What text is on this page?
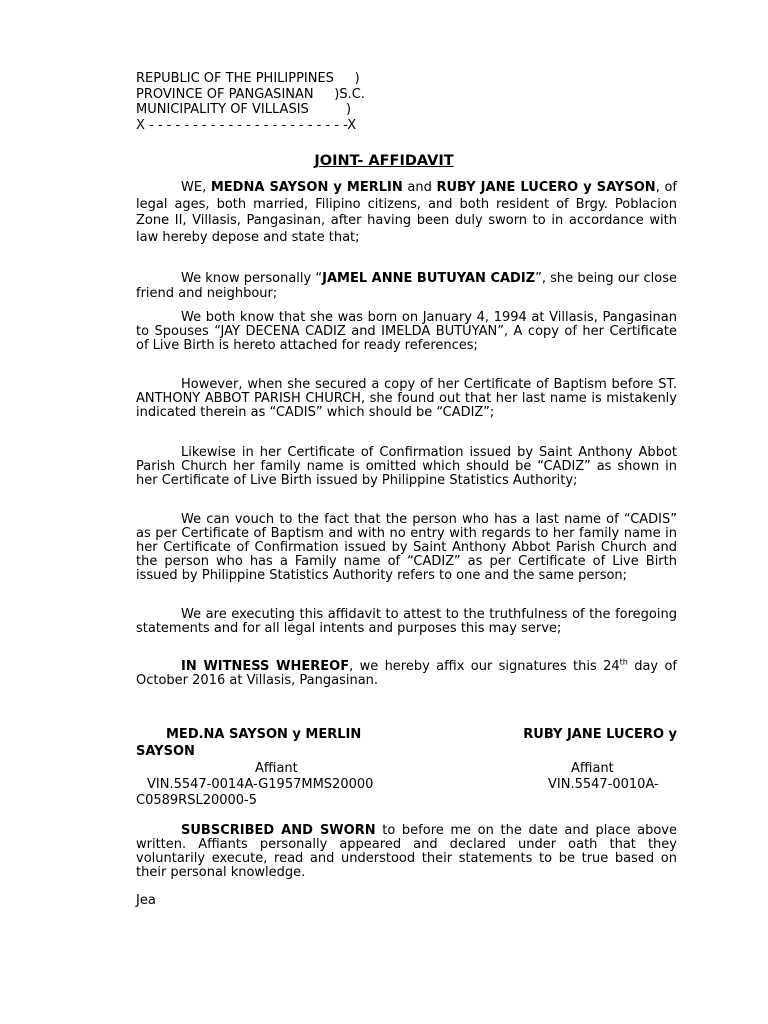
REPUBLIC OF THE PHILIPPINES     )
PROVINCE OF PANGASINAN     )S.C.
MUNICIPALITY OF VILLASIS         )
X - - - - - - - - - - - - - - - - - - - - - - -X
JOINT- AFFIDAVIT
WE, MEDNA SAYSON y MERLIN and RUBY JANE LUCERO y SAYSON, of legal ages, both married, Filipino citizens, and both resident of Brgy. Poblacion Zone II, Villasis, Pangasinan, after having been duly sworn to in accordance with law hereby depose and state that;
We know personally “JAMEL ANNE BUTUYAN CADIZ”, she being our close friend and neighbour;
We both know that she was born on January 4, 1994 at Villasis, Pangasinan to Spouses “JAY DECENA CADIZ and IMELDA BUTUYAN”, A copy of her Certificate of Live Birth is hereto attached for ready references;
However, when she secured a copy of her Certificate of Baptism before ST. ANTHONY ABBOT PARISH CHURCH, she found out that her last name is mistakenly indicated therein as “CADIS” which should be “CADIZ”;
Likewise in her Certificate of Confirmation issued by Saint Anthony Abbot Parish Church her family name is omitted which should be “CADIZ” as shown in her Certificate of Live Birth issued by Philippine Statistics Authority;
We can vouch to the fact that the person who has a last name of “CADIS” as per Certificate of Baptism and with no entry with regards to her family name in her Certificate of Confirmation issued by Saint Anthony Abbot Parish Church and the person who has a Family name of “CADIZ” as per Certificate of Live Birth issued by Philippine Statistics Authority refers to one and the same person;
We are executing this affidavit to attest to the truthfulness of the foregoing statements and for all legal intents and purposes this may serve;
IN WITNESS WHEREOF, we hereby affix our signatures this 24th day of October 2016 at Villasis, Pangasinan.
MED.NA SAYSON y MERLIN	RUBY JANE LUCERO y
SAYSON
Affiant	Affiant
VIN.5547-0014A-G1957MMS20000	VIN.5547-0010A-
C0589RSL20000-5
SUBSCRIBED AND SWORN to before me on the date and place above written. Affiants personally appeared and declared under oath that they voluntarily execute, read and understood their statements to be true based on their personal knowledge.
Jea
